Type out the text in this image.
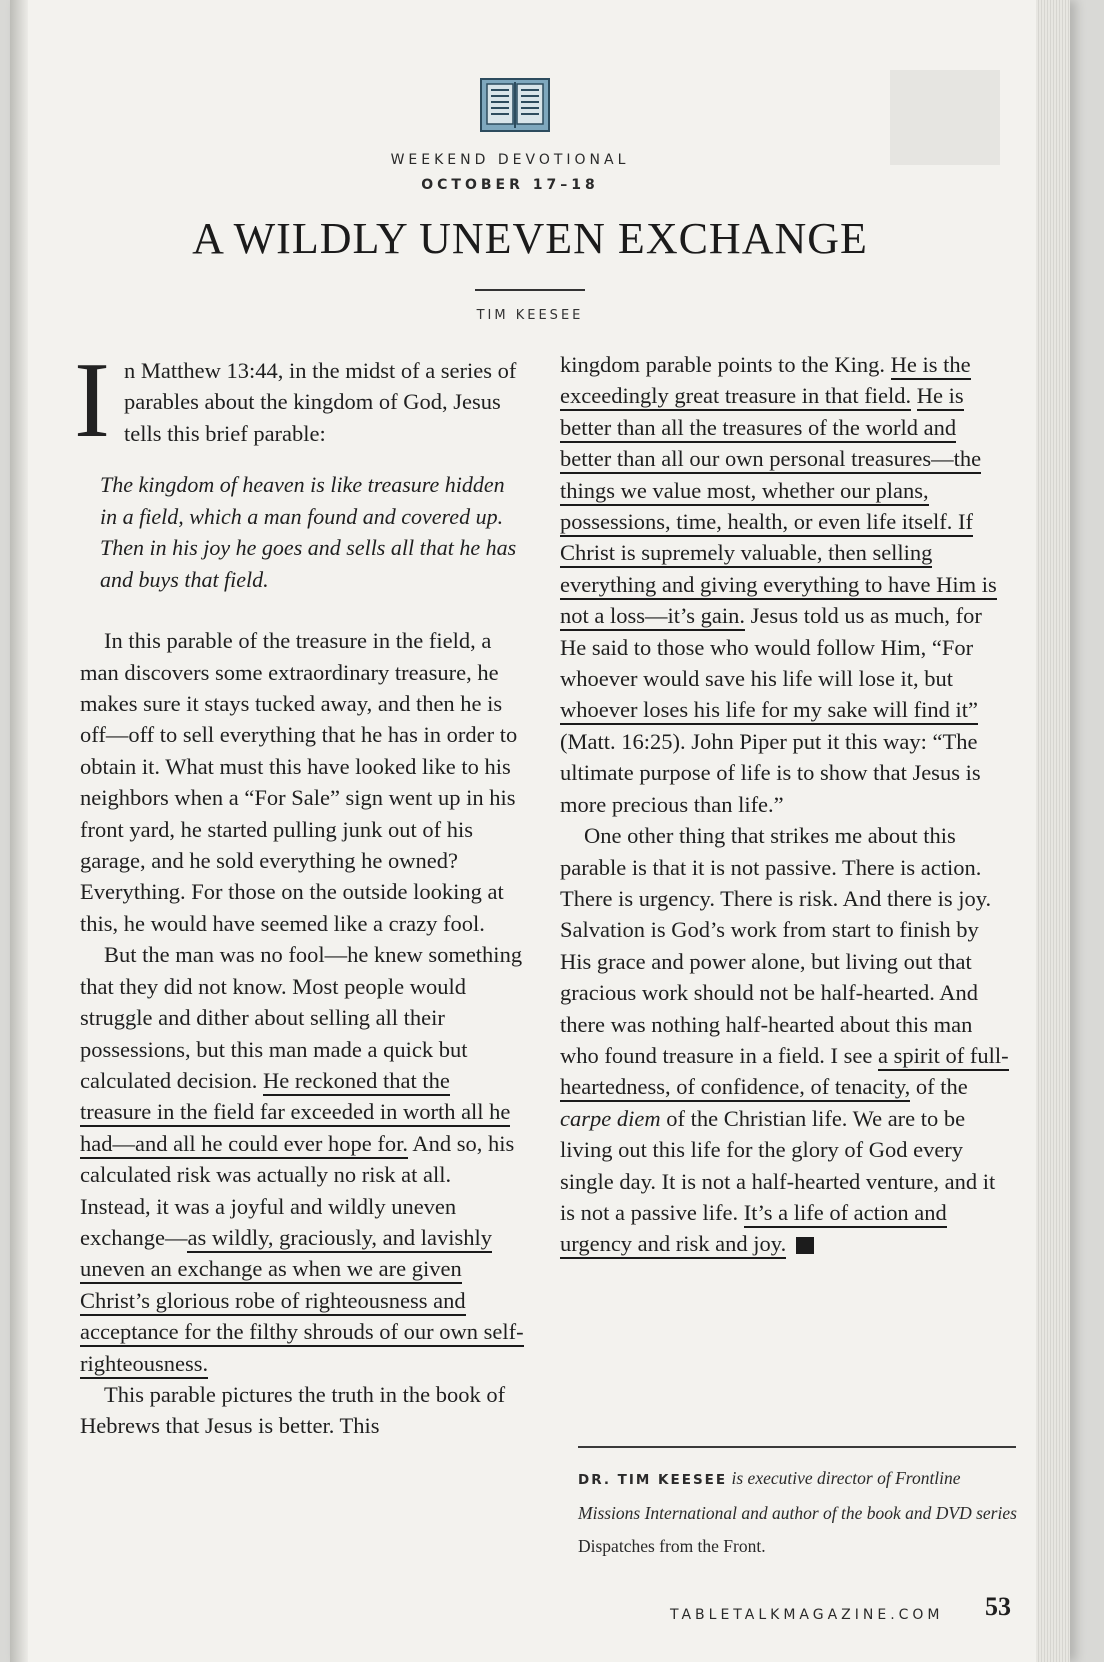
WEEKEND DEVOTIONAL
OCTOBER 17–18
A WILDLY UNEVEN EXCHANGE
TIM KEESEE

In Matthew 13:44, in the midst of a series of parables about the kingdom of God, Jesus tells this brief parable:

The kingdom of heaven is like treasure hidden in a field, which a man found and covered up. Then in his joy he goes and sells all that he has and buys that field.

In this parable of the treasure in the field, a man discovers some extraordinary treasure, he makes sure it stays tucked away, and then he is off—off to sell everything that he has in order to obtain it. What must this have looked like to his neighbors when a “For Sale” sign went up in his front yard, he started pulling junk out of his garage, and he sold everything he owned? Everything. For those on the outside looking at this, he would have seemed like a crazy fool.

But the man was no fool—he knew something that they did not know. Most people would struggle and dither about selling all their possessions, but this man made a quick but calculated decision. He reckoned that the treasure in the field far exceeded in worth all he had—and all he could ever hope for. And so, his calculated risk was actually no risk at all. Instead, it was a joyful and wildly uneven exchange—as wildly, graciously, and lavishly uneven an exchange as when we are given Christ’s glorious robe of righteousness and acceptance for the filthy shrouds of our own self-righteousness.

This parable pictures the truth in the book of Hebrews that Jesus is better. This

kingdom parable points to the King. He is the exceedingly great treasure in that field. He is better than all the treasures of the world and better than all our own personal treasures—the things we value most, whether our plans, possessions, time, health, or even life itself. If Christ is supremely valuable, then selling everything and giving everything to have Him is not a loss—it’s gain. Jesus told us as much, for He said to those who would follow Him, “For whoever would save his life will lose it, but whoever loses his life for my sake will find it” (Matt. 16:25). John Piper put it this way: “The ultimate purpose of life is to show that Jesus is more precious than life.”

One other thing that strikes me about this parable is that it is not passive. There is action. There is urgency. There is risk. And there is joy. Salvation is God’s work from start to finish by His grace and power alone, but living out that gracious work should not be half-hearted. And there was nothing half-hearted about this man who found treasure in a field. I see a spirit of full-heartedness, of confidence, of tenacity, of the carpe diem of the Christian life. We are to be living out this life for the glory of God every single day. It is not a half-hearted venture, and it is not a passive life. It’s a life of action and urgency and risk and joy.	T

DR. TIM KEESEE is executive director of Frontline Missions International and author of the book and DVD series Dispatches from the Front.
TABLETALKMAGAZINE.COM 53
